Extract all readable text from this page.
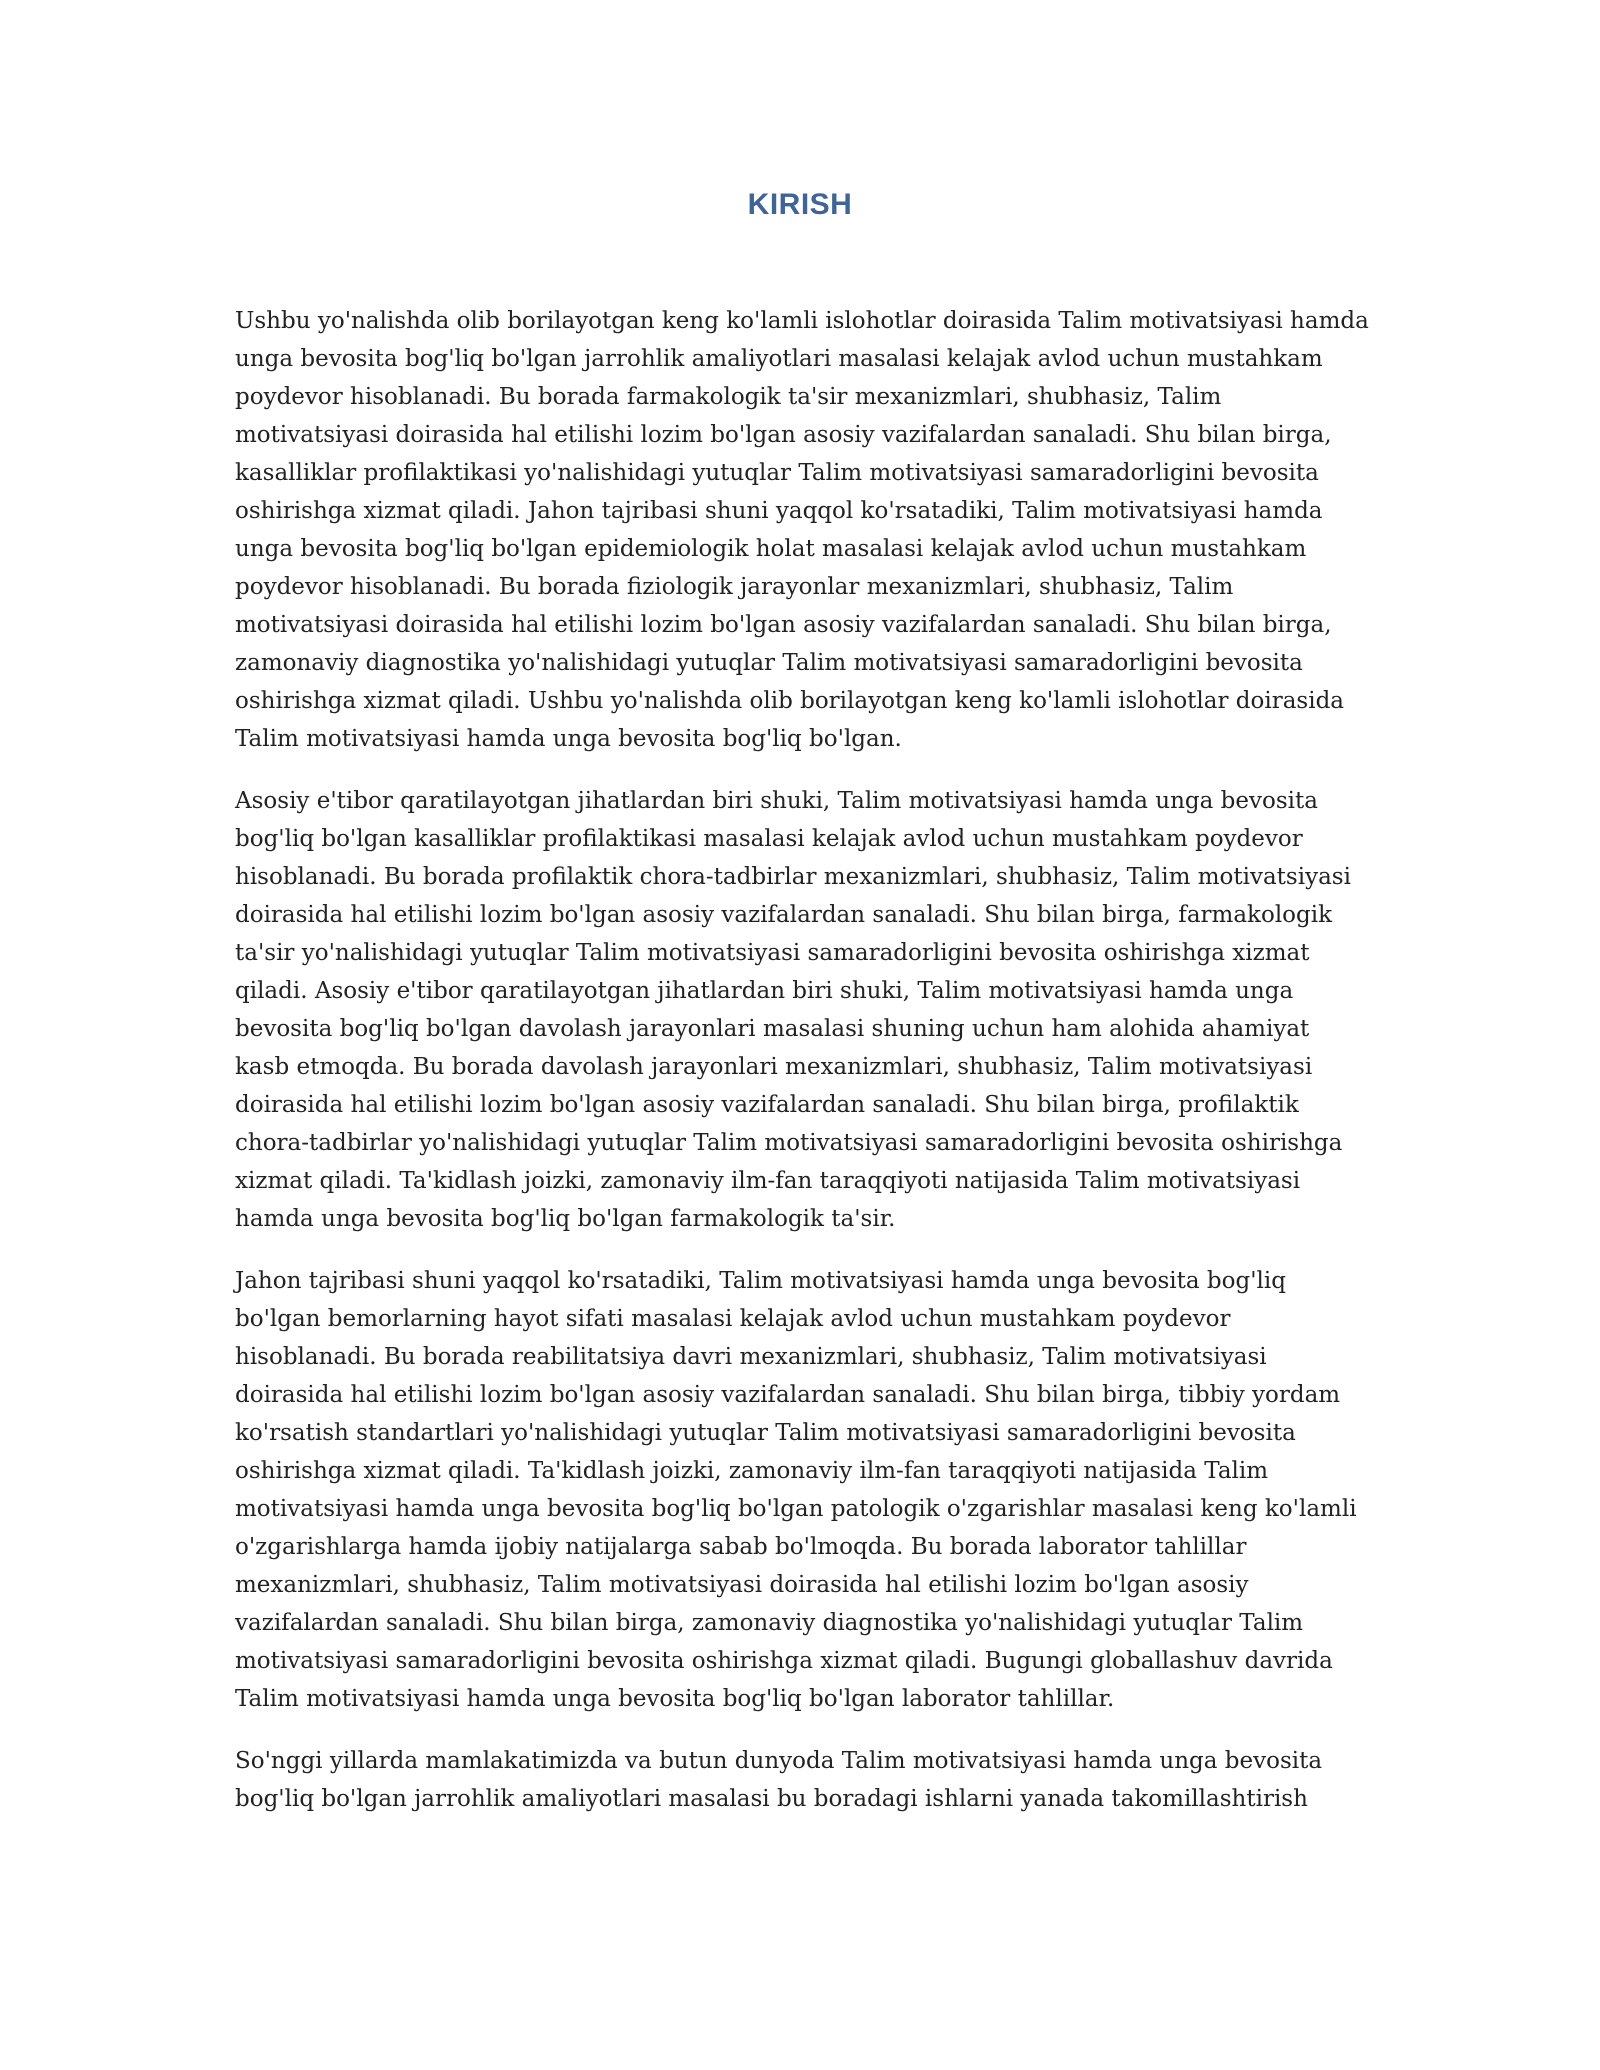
KIRISH

Ushbu yo'nalishda olib borilayotgan keng ko'lamli islohotlar doirasida Talim motivatsiyasi hamda unga bevosita bog'liq bo'lgan jarrohlik amaliyotlari masalasi kelajak avlod uchun mustahkam poydevor hisoblanadi. Bu borada farmakologik ta'sir mexanizmlari, shubhasiz, Talim motivatsiyasi doirasida hal etilishi lozim bo'lgan asosiy vazifalardan sanaladi. Shu bilan birga, kasalliklar profilaktikasi yo'nalishidagi yutuqlar Talim motivatsiyasi samaradorligini bevosita oshirishga xizmat qiladi. Jahon tajribasi shuni yaqqol ko'rsatadiki, Talim motivatsiyasi hamda unga bevosita bog'liq bo'lgan epidemiologik holat masalasi kelajak avlod uchun mustahkam poydevor hisoblanadi. Bu borada fiziologik jarayonlar mexanizmlari, shubhasiz, Talim motivatsiyasi doirasida hal etilishi lozim bo'lgan asosiy vazifalardan sanaladi. Shu bilan birga, zamonaviy diagnostika yo'nalishidagi yutuqlar Talim motivatsiyasi samaradorligini bevosita oshirishga xizmat qiladi. Ushbu yo'nalishda olib borilayotgan keng ko'lamli islohotlar doirasida Talim motivatsiyasi hamda unga bevosita bog'liq bo'lgan.

Asosiy e'tibor qaratilayotgan jihatlardan biri shuki, Talim motivatsiyasi hamda unga bevosita bog'liq bo'lgan kasalliklar profilaktikasi masalasi kelajak avlod uchun mustahkam poydevor hisoblanadi. Bu borada profilaktik chora-tadbirlar mexanizmlari, shubhasiz, Talim motivatsiyasi doirasida hal etilishi lozim bo'lgan asosiy vazifalardan sanaladi. Shu bilan birga, farmakologik ta'sir yo'nalishidagi yutuqlar Talim motivatsiyasi samaradorligini bevosita oshirishga xizmat qiladi. Asosiy e'tibor qaratilayotgan jihatlardan biri shuki, Talim motivatsiyasi hamda unga bevosita bog'liq bo'lgan davolash jarayonlari masalasi shuning uchun ham alohida ahamiyat kasb etmoqda. Bu borada davolash jarayonlari mexanizmlari, shubhasiz, Talim motivatsiyasi doirasida hal etilishi lozim bo'lgan asosiy vazifalardan sanaladi. Shu bilan birga, profilaktik chora-tadbirlar yo'nalishidagi yutuqlar Talim motivatsiyasi samaradorligini bevosita oshirishga xizmat qiladi. Ta'kidlash joizki, zamonaviy ilm-fan taraqqiyoti natijasida Talim motivatsiyasi hamda unga bevosita bog'liq bo'lgan farmakologik ta'sir.

Jahon tajribasi shuni yaqqol ko'rsatadiki, Talim motivatsiyasi hamda unga bevosita bog'liq bo'lgan bemorlarning hayot sifati masalasi kelajak avlod uchun mustahkam poydevor hisoblanadi. Bu borada reabilitatsiya davri mexanizmlari, shubhasiz, Talim motivatsiyasi doirasida hal etilishi lozim bo'lgan asosiy vazifalardan sanaladi. Shu bilan birga, tibbiy yordam ko'rsatish standartlari yo'nalishidagi yutuqlar Talim motivatsiyasi samaradorligini bevosita oshirishga xizmat qiladi. Ta'kidlash joizki, zamonaviy ilm-fan taraqqiyoti natijasida Talim motivatsiyasi hamda unga bevosita bog'liq bo'lgan patologik o'zgarishlar masalasi keng ko'lamli o'zgarishlarga hamda ijobiy natijalarga sabab bo'lmoqda. Bu borada laborator tahlillar mexanizmlari, shubhasiz, Talim motivatsiyasi doirasida hal etilishi lozim bo'lgan asosiy vazifalardan sanaladi. Shu bilan birga, zamonaviy diagnostika yo'nalishidagi yutuqlar Talim motivatsiyasi samaradorligini bevosita oshirishga xizmat qiladi. Bugungi globallashuv davrida Talim motivatsiyasi hamda unga bevosita bog'liq bo'lgan laborator tahlillar.

So'nggi yillarda mamlakatimizda va butun dunyoda Talim motivatsiyasi hamda unga bevosita bog'liq bo'lgan jarrohlik amaliyotlari masalasi bu boradagi ishlarni yanada takomillashtirish
